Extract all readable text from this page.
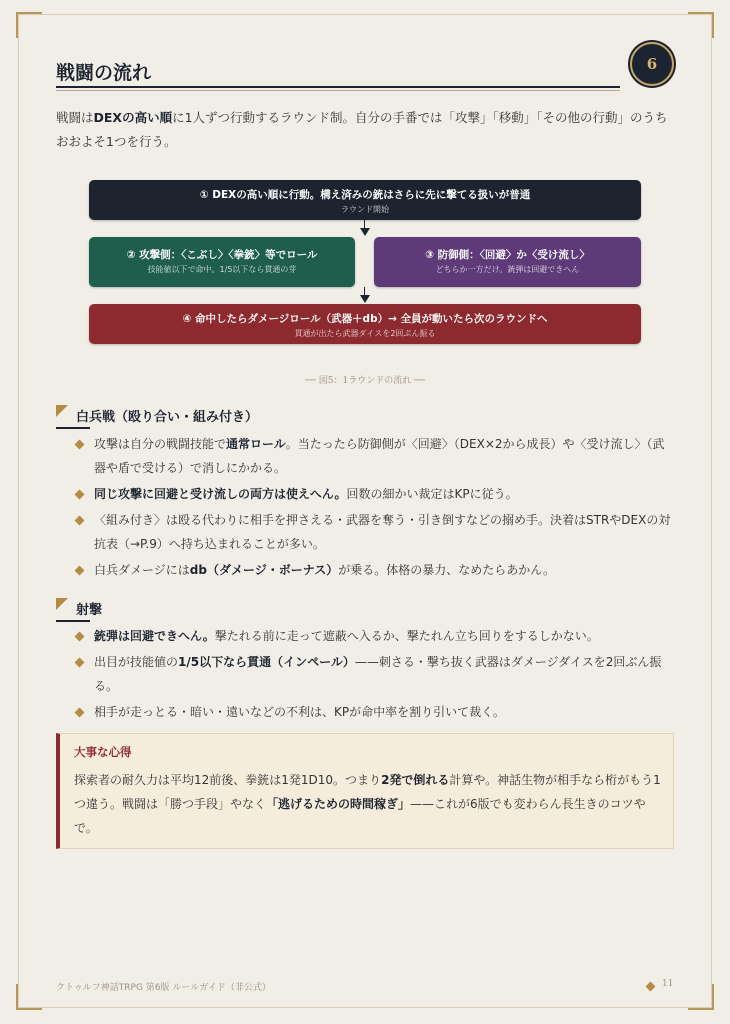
戦闘の流れ	6
戦闘はDEXの高い順に1人ずつ行動するラウンド制。自分の手番では「攻撃」「移動」「その他の行動」のうちおおよそ1つを行う。
① DEXの高い順に行動。構え済みの銃はさらに先に撃てる扱いが普通
ラウンド開始
② 攻撃側：〈こぶし〉〈拳銃〉等でロール
技能値以下で命中。1/5以下なら貫通の芽
③ 防御側：〈回避〉か〈受け流し〉
どちらか一方だけ。銃弾は回避できへん
④ 命中したらダメージロール（武器＋db）→ 全員が動いたら次のラウンドへ
貫通が出たら武器ダイスを2回ぶん振る
── 図5：1ラウンドの流れ ──
白兵戦（殴り合い・組み付き）
攻撃は自分の戦闘技能で通常ロール。当たったら防御側が〈回避〉（DEX×2から成長）や〈受け流し〉（武器や盾で受ける）で消しにかかる。
同じ攻撃に回避と受け流しの両方は使えへん。回数の細かい裁定はKPに従う。
〈組み付き〉は殴る代わりに相手を押さえる・武器を奪う・引き倒すなどの搦め手。決着はSTRやDEXの対抗表（→P.9）へ持ち込まれることが多い。
白兵ダメージにはdb（ダメージ・ボーナス）が乗る。体格の暴力、なめたらあかん。
射撃
銃弾は回避できへん。撃たれる前に走って遮蔽へ入るか、撃たれん立ち回りをするしかない。
出目が技能値の1/5以下なら貫通（インペール）——刺さる・撃ち抜く武器はダメージダイスを2回ぶん振る。
相手が走っとる・暗い・遠いなどの不利は、KPが命中率を割り引いて裁く。
大事な心得
探索者の耐久力は平均12前後、拳銃は1発1D10。つまり2発で倒れる計算や。神話生物が相手なら桁がもう1つ違う。戦闘は「勝つ手段」やなく「逃げるための時間稼ぎ」——これが6版でも変わらん長生きのコツやで。
クトゥルフ神話TRPG 第6版 ルールガイド（非公式）	11
